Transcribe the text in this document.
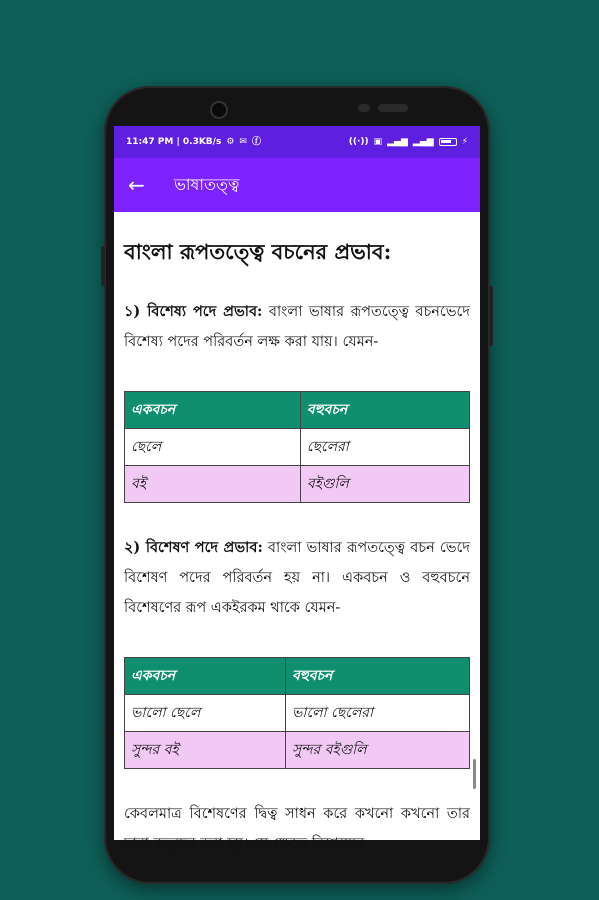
11:47 PM | 0.3KB/s ⚙ ✉ ⓕ	((·)) ▣ ▂▄▆ ▂▄▆	⚡
←	ভাষাতত্ত্ব
বাংলা রূপতত্ত্বে বচনের প্রভাব:

১) বিশেষ্য পদে প্রভাব: বাংলা ভাষার রূপতত্ত্বে বচনভেদে বিশেষ্য পদের পরিবর্তন লক্ষ করা যায়। যেমন-

একবচন	বহুবচন
ছেলে	ছেলেরা
বই	বইগুলি

২) বিশেষণ পদে প্রভাব: বাংলা ভাষার রূপতত্ত্বে বচন ভেদে বিশেষণ পদের পরিবর্তন হয় না। একবচন ও বহুবচনে বিশেষণের রূপ একইরকম থাকে যেমন-

একবচন	বহুবচন
ভালো ছেলে	ভালো ছেলেরা
সুন্দর বই	সুন্দর বইগুলি

কেবলমাত্র বিশেষণের দ্বিত্ব সাধন করে কখনো কখনো তার দ্বারা বহুবচন করা হয়। সে ক্ষেত্রে বিশেষ্যের
